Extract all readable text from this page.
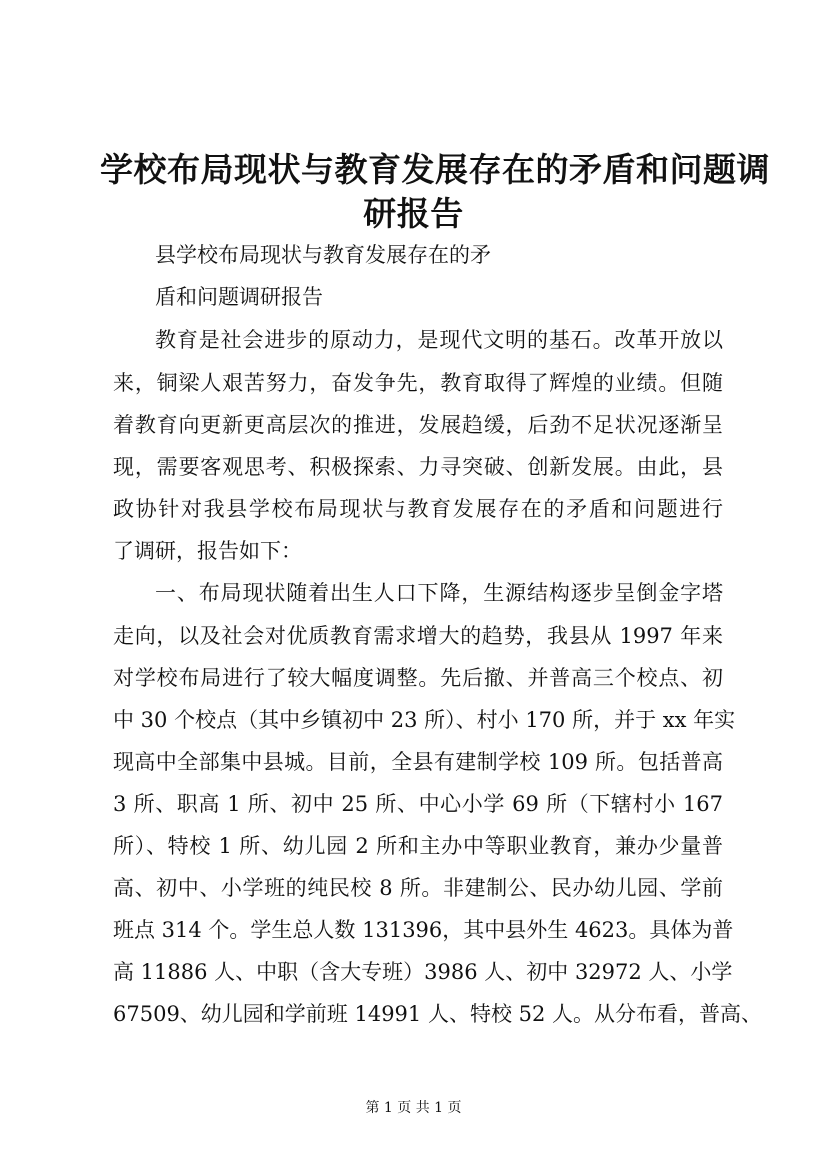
学校布局现状与教育发展存在的矛盾和问题调
研报告
县学校布局现状与教育发展存在的矛
盾和问题调研报告
教育是社会进步的原动力，是现代文明的基石。改革开放以
来，铜梁人艰苦努力，奋发争先，教育取得了辉煌的业绩。但随
着教育向更新更高层次的推进，发展趋缓，后劲不足状况逐渐呈
现，需要客观思考、积极探索、力寻突破、创新发展。由此，县
政协针对我县学校布局现状与教育发展存在的矛盾和问题进行
了调研，报告如下：
一、布局现状随着出生人口下降，生源结构逐步呈倒金字塔
走向，以及社会对优质教育需求增大的趋势，我县从 1997 年来
对学校布局进行了较大幅度调整。先后撤、并普高三个校点、初
中 30 个校点（其中乡镇初中 23 所）、村小 170 所，并于 xx 年实
现高中全部集中县城。目前，全县有建制学校 109 所。包括普高
3 所、职高 1 所、初中 25 所、中心小学 69 所（下辖村小 167
所）、特校 1 所、幼儿园 2 所和主办中等职业教育，兼办少量普
高、初中、小学班的纯民校 8 所。非建制公、民办幼儿园、学前
班点 314 个。学生总人数 131396，其中县外生 4623。具体为普
高 11886 人、中职（含大专班）3986 人、初中 32972 人、小学
67509、幼儿园和学前班 14991 人、特校 52 人。从分布看，普高、
第 1 页 共 1 页
